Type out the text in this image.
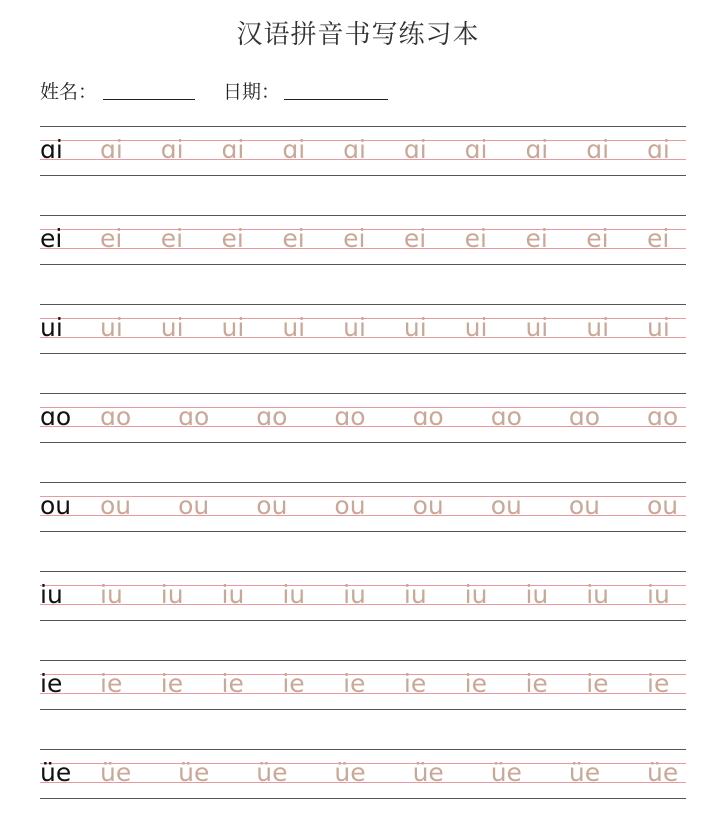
汉语拼音书写练习本
姓名：	日期：
ɑi ɑi ɑi ɑi ɑi ɑi ɑi ɑi ɑi ɑi ɑi
ei ei ei ei ei ei ei ei ei ei ei
ui ui ui ui ui ui ui ui ui ui ui
ɑo ɑo ɑo ɑo ɑo ɑo ɑo ɑo ɑo
ou ou ou ou ou ou ou ou ou
iu iu iu iu iu iu iu iu iu iu iu
ie ie ie ie ie ie ie ie ie ie ie
üe üe üe üe üe üe üe üe üe
